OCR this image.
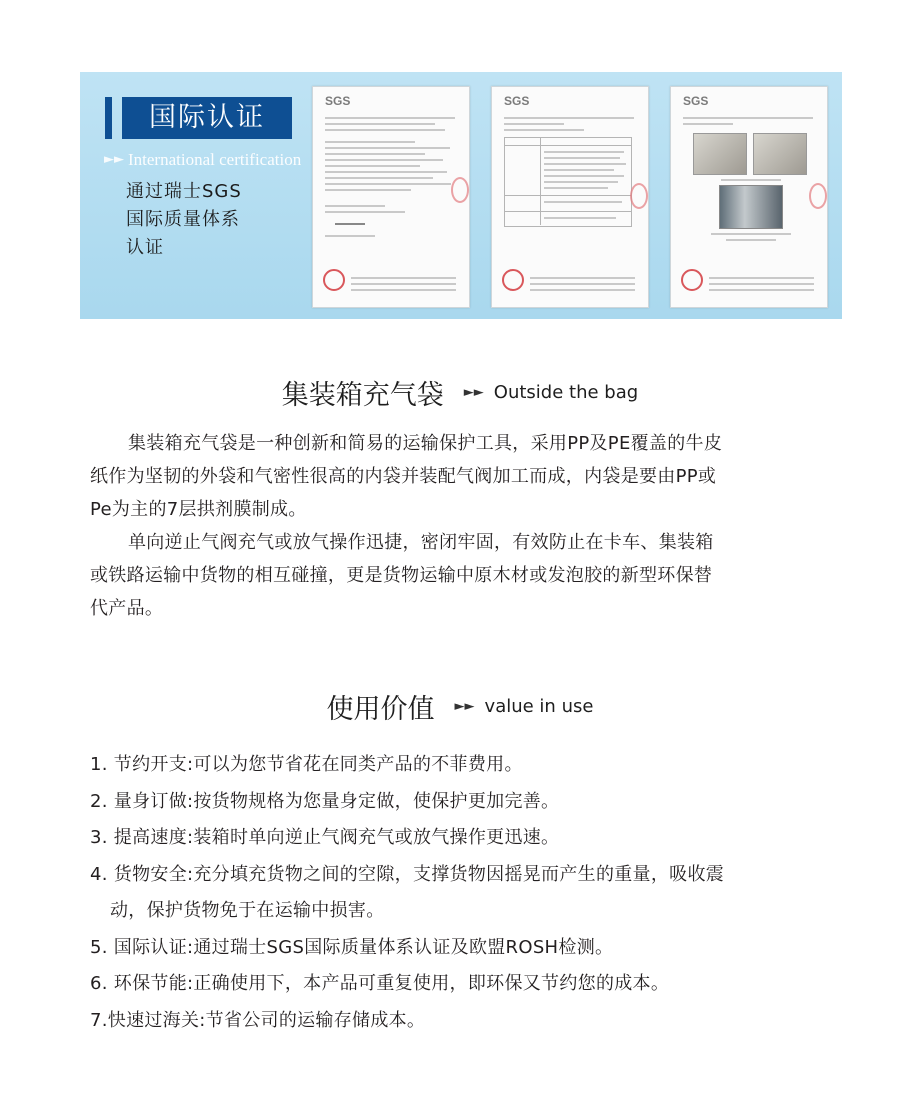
国际认证
►► International certification
通过瑞士SGS
国际质量体系
认证
SGS	SGS	SGS
集装箱充气袋 ►► Outside the bag
集装箱充气袋是一种创新和简易的运输保护工具，采用PP及PE覆盖的牛皮
纸作为坚韧的外袋和气密性很高的内袋并装配气阀加工而成，内袋是要由PP或
Pe为主的7层拱剂膜制成。
单向逆止气阀充气或放气操作迅捷，密闭牢固，有效防止在卡车、集装箱
或铁路运输中货物的相互碰撞，更是货物运输中原木材或发泡胶的新型环保替
代产品。
使用价值 ►► value in use
1. 节约开支:可以为您节省花在同类产品的不菲费用。
2. 量身订做:按货物规格为您量身定做，使保护更加完善。
3. 提高速度:装箱时单向逆止气阀充气或放气操作更迅速。
4. 货物安全:充分填充货物之间的空隙，支撑货物因摇晃而产生的重量，吸收震
动，保护货物免于在运输中损害。
5. 国际认证:通过瑞士SGS国际质量体系认证及欧盟ROSH检测。
6. 环保节能:正确使用下，本产品可重复使用，即环保又节约您的成本。
7.快速过海关:节省公司的运输存储成本。
